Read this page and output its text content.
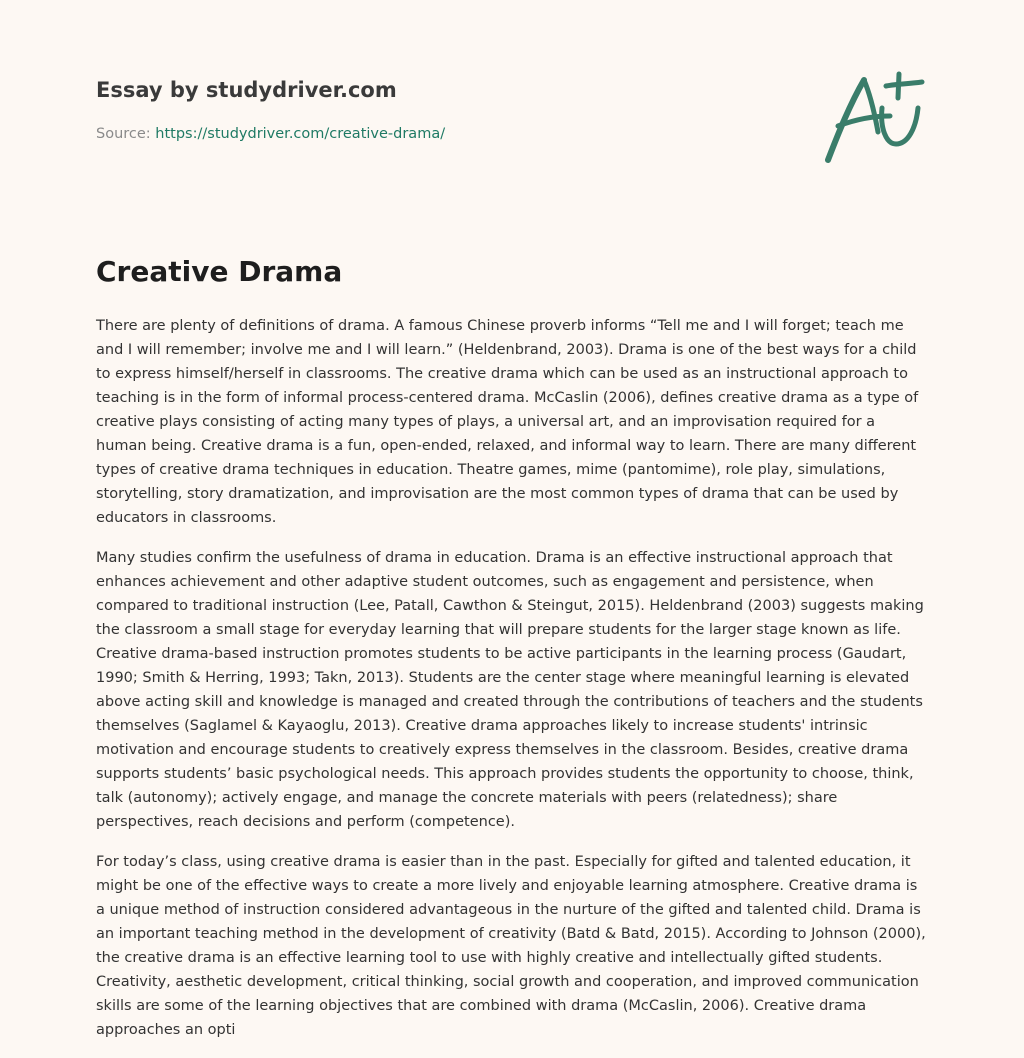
Essay by studydriver.com
Source: https://studydriver.com/creative-drama/
Creative Drama

There are plenty of definitions of drama. A famous Chinese proverb informs “Tell me and I will forget; teach me and I will remember; involve me and I will learn.” (Heldenbrand, 2003). Drama is one of the best ways for a child to express himself/herself in classrooms. The creative drama which can be used as an instructional approach to teaching is in the form of informal process-centered drama. McCaslin (2006), defines creative drama as a type of creative plays consisting of acting many types of plays, a universal art, and an improvisation required for a human being. Creative drama is a fun, open-ended, relaxed, and informal way to learn. There are many different types of creative drama techniques in education. Theatre games, mime (pantomime), role play, simulations, storytelling, story dramatization, and improvisation are the most common types of drama that can be used by educators in classrooms.

Many studies confirm the usefulness of drama in education. Drama is an effective instructional approach that enhances achievement and other adaptive student outcomes, such as engagement and persistence, when compared to traditional instruction (Lee, Patall, Cawthon & Steingut, 2015). Heldenbrand (2003) suggests making the classroom a small stage for everyday learning that will prepare students for the larger stage known as life. Creative drama-based instruction promotes students to be active participants in the learning process (Gaudart, 1990; Smith & Herring, 1993; Takn, 2013). Students are the center stage where meaningful learning is elevated above acting skill and knowledge is managed and created through the contributions of teachers and the students themselves (Saglamel & Kayaoglu, 2013). Creative drama approaches likely to increase students' intrinsic motivation and encourage students to creatively express themselves in the classroom. Besides, creative drama supports students’ basic psychological needs. This approach provides students the opportunity to choose, think, talk (autonomy); actively engage, and manage the concrete materials with peers (relatedness); share perspectives, reach decisions and perform (competence).

For today’s class, using creative drama is easier than in the past. Especially for gifted and talented education, it might be one of the effective ways to create a more lively and enjoyable learning atmosphere. Creative drama is a unique method of instruction considered advantageous in the nurture of the gifted and talented child. Drama is an important teaching method in the development of creativity (Batd & Batd, 2015). According to Johnson (2000), the creative drama is an effective learning tool to use with highly creative and intellectually gifted students. Creativity, aesthetic development, critical thinking, social growth and cooperation, and improved communication skills are some of the learning objectives that are combined with drama (McCaslin, 2006). Creative drama approaches an opti
